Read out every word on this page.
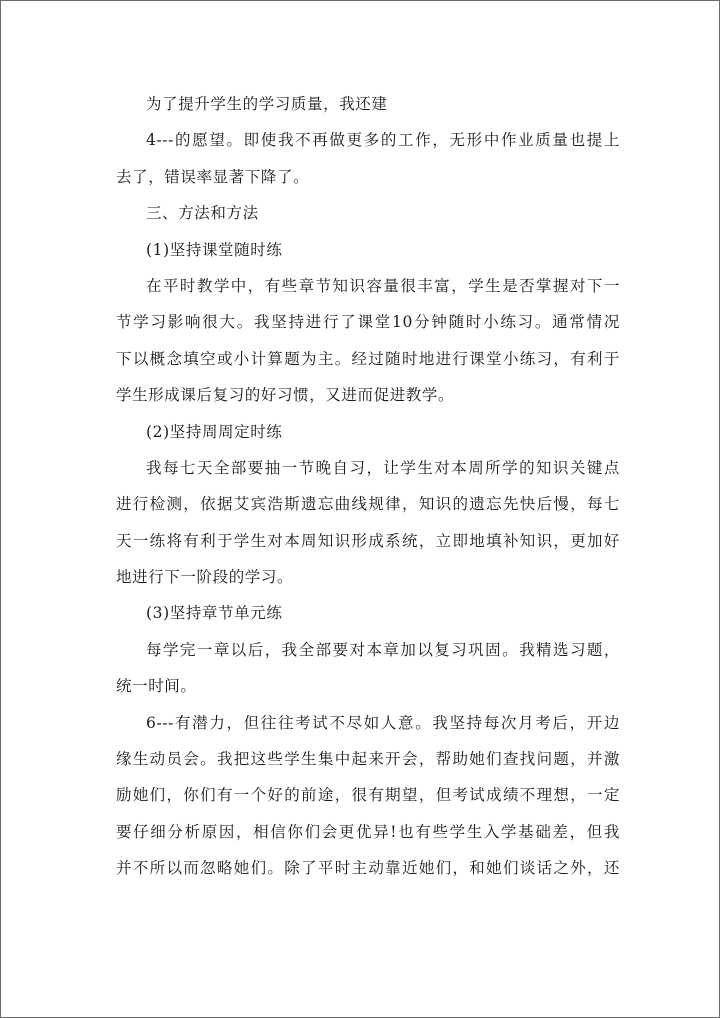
为了提升学生的学习质量，我还建
4---的愿望。即使我不再做更多的工作，无形中作业质量也提上
去了，错误率显著下降了。
三、方法和方法
(1)坚持课堂随时练
在平时教学中，有些章节知识容量很丰富，学生是否掌握对下一
节学习影响很大。我坚持进行了课堂10分钟随时小练习。通常情况
下以概念填空或小计算题为主。经过随时地进行课堂小练习，有利于
学生形成课后复习的好习惯，又进而促进教学。
(2)坚持周周定时练
我每七天全部要抽一节晚自习，让学生对本周所学的知识关键点
进行检测，依据艾宾浩斯遗忘曲线规律，知识的遗忘先快后慢，每七
天一练将有利于学生对本周知识形成系统，立即地填补知识，更加好
地进行下一阶段的学习。
(3)坚持章节单元练
每学完一章以后，我全部要对本章加以复习巩固。我精选习题，
统一时间。
6---有潜力，但往往考试不尽如人意。我坚持每次月考后，开边
缘生动员会。我把这些学生集中起来开会，帮助她们查找问题，并激
励她们，你们有一个好的前途，很有期望，但考试成绩不理想，一定
要仔细分析原因，相信你们会更优异!也有些学生入学基础差，但我
并不所以而忽略她们。除了平时主动靠近她们，和她们谈话之外，还
